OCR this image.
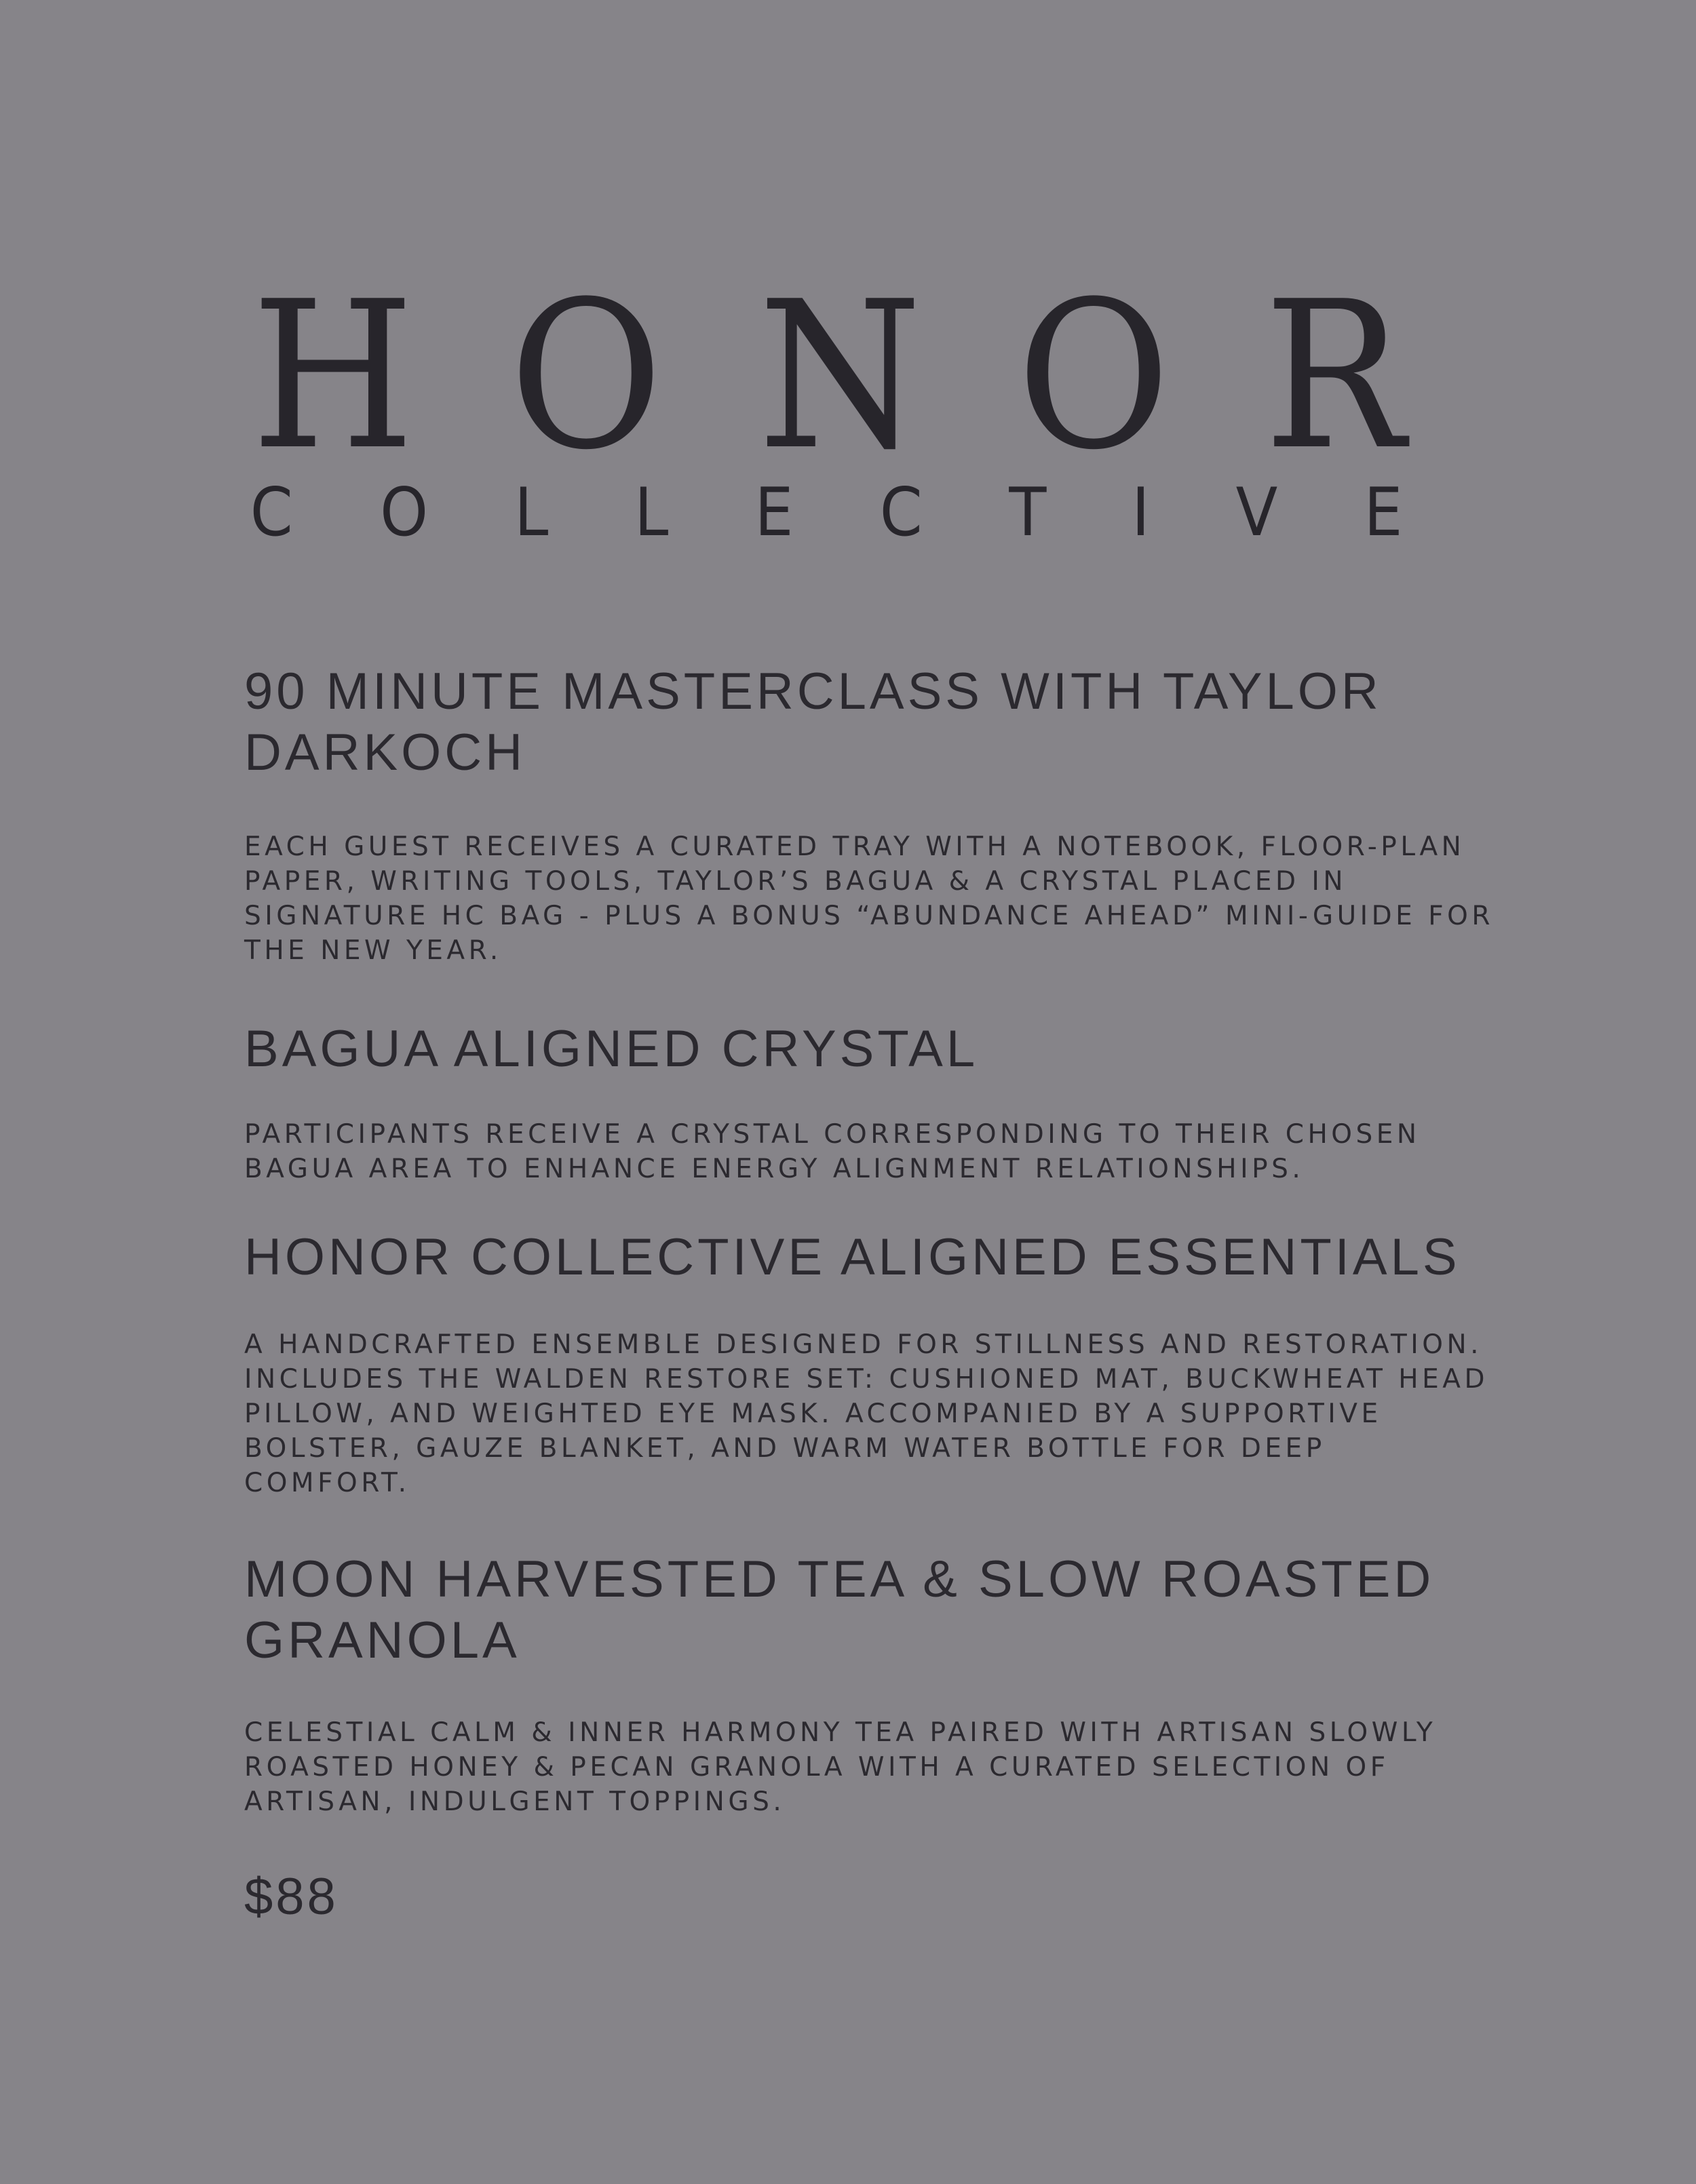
H O N O R
C O L L E C T I V E
90 MINUTE MASTERCLASS WITH TAYLOR DARKOCH

EACH GUEST RECEIVES A CURATED TRAY WITH A NOTEBOOK, FLOOR-PLAN PAPER, WRITING TOOLS, TAYLOR’S BAGUA & A CRYSTAL PLACED IN SIGNATURE HC BAG - PLUS A BONUS “ABUNDANCE AHEAD” MINI-GUIDE FOR THE NEW YEAR.

BAGUA ALIGNED CRYSTAL

PARTICIPANTS RECEIVE A CRYSTAL CORRESPONDING TO THEIR CHOSEN BAGUA AREA TO ENHANCE ENERGY ALIGNMENT RELATIONSHIPS.

HONOR COLLECTIVE ALIGNED ESSENTIALS

A HANDCRAFTED ENSEMBLE DESIGNED FOR STILLNESS AND RESTORATION. INCLUDES THE WALDEN RESTORE SET: CUSHIONED MAT, BUCKWHEAT HEAD PILLOW, AND WEIGHTED EYE MASK. ACCOMPANIED BY A SUPPORTIVE BOLSTER, GAUZE BLANKET, AND WARM WATER BOTTLE FOR DEEP COMFORT.

MOON HARVESTED TEA & SLOW ROASTED GRANOLA

CELESTIAL CALM & INNER HARMONY TEA PAIRED WITH ARTISAN SLOWLY ROASTED HONEY & PECAN GRANOLA WITH A CURATED SELECTION OF ARTISAN, INDULGENT TOPPINGS.

$88
